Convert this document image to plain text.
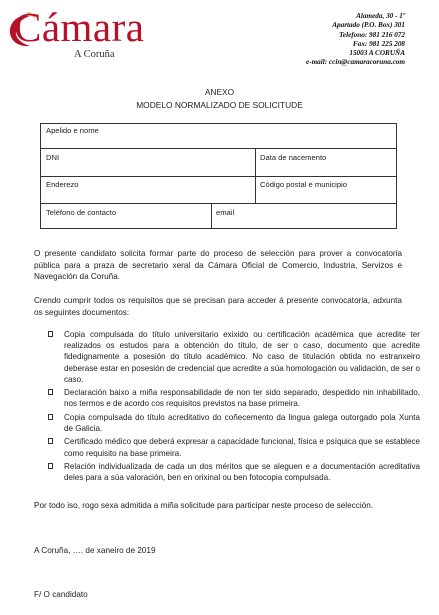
Cámara
A Coruña
Alameda, 30 - 1º
Apartado (P.O. Box) 301
Telefono: 981 216 072
Fax: 981 225 208
15003 A CORUÑA
e-mail: ccin@camaracoruna.com
ANEXO
MODELO NORMALIZADO DE SOLICITUDE
Apelido e nome
DNI	Data de nacemento
Enderezo	Código postal e municipio
Teléfono de contacto	email

O presente candidato solicita formar parte do proceso de selección para prover a convocatoria pública para a praza de secretario xeral da Cámara Oficial de Comercio, Industria, Servizos e Navegación da Coruña.

Crendo cumprir todos os requisitos que se precisan para acceder á presente convocatoria, adxunta os seguintes documentos:

Copia compulsada do título universitario exixido ou certificación académica que acredite ter realizados os estudos para a obtención do título, de ser o caso, documento que acredite fidedignamente a posesión do título académico. No caso de titulación obtida no estranxeiro deberase estar en posesión de credencial que acredite a súa homologación ou validación, de ser o caso.
Declaración baixo a miña responsabilidade de non ter sido separado, despedido nin inhabilitado, nos termos e de acordo cos requisitos previstos na base primeira.
Copia compulsada do título acreditativo do coñecemento da lingua galega outorgado pola Xunta de Galicia.
Certificado médico que deberá expresar a capacidade funcional, física e psíquica que se establece como requisito na base primeira.
Relación individualizada de cada un dos méritos que se aleguen e a documentación acreditativa deles para a súa valoración, ben en orixinal ou ben fotocopia compulsada.

Por todo iso, rogo sexa admitida a miña solicitude para participar neste proceso de selección.

A Coruña, …. de xaneiro de 2019
F/ O candidato
